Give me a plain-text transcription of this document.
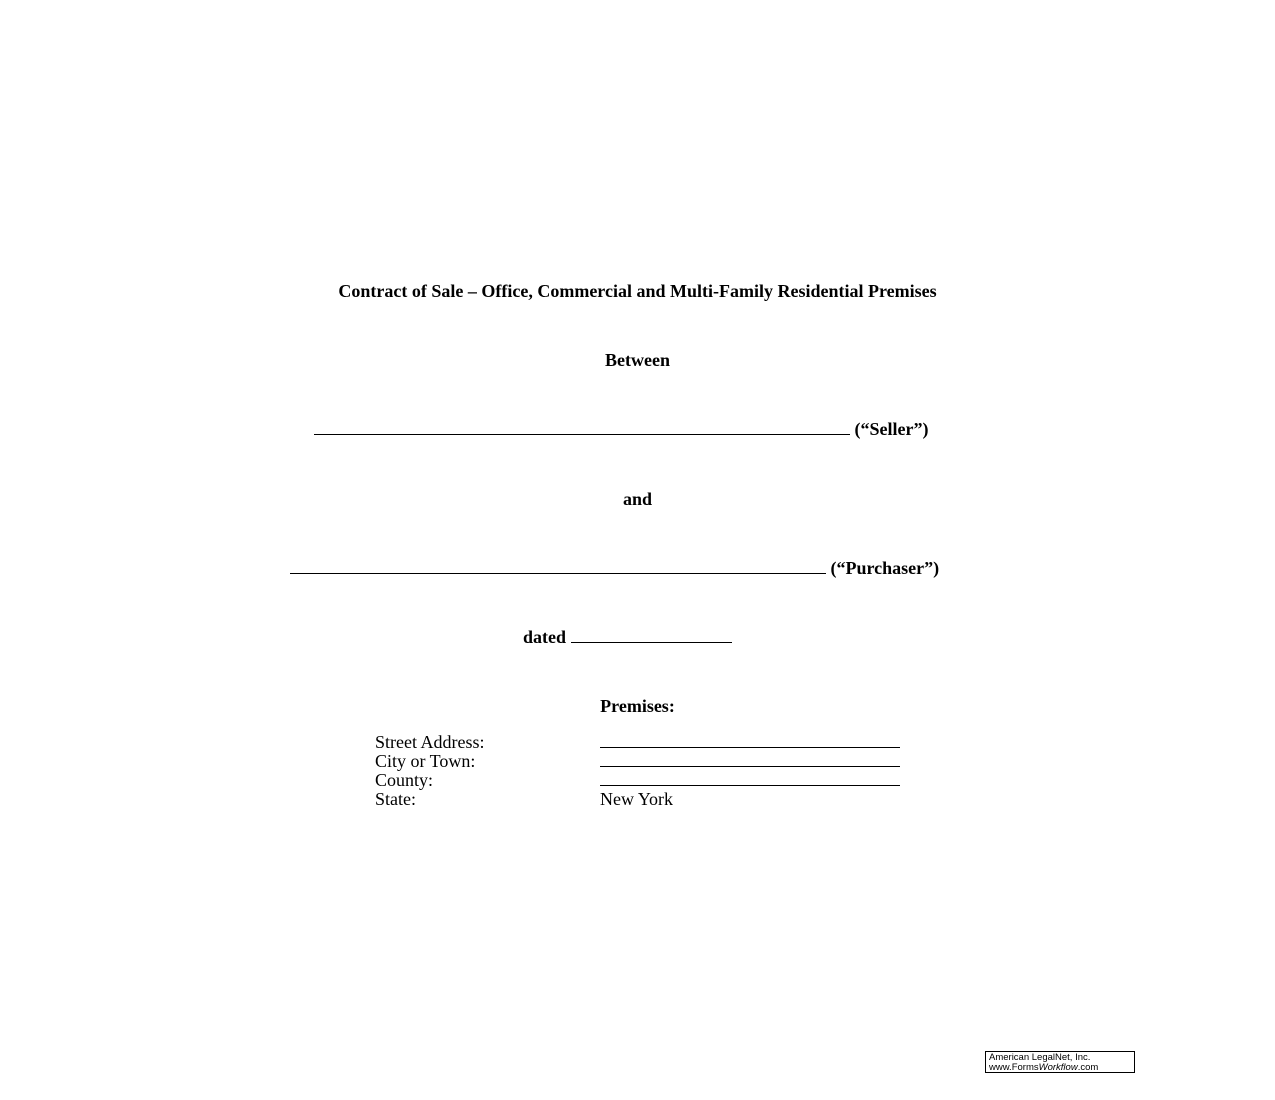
Contract of Sale – Office, Commercial and Multi-Family Residential Premises
Between
(“Seller”)
and
(“Purchaser”)
dated
Premises:
Street Address:
City or Town:
County:
State:	New York
American LegalNet, Inc.
www.FormsWorkflow.com
